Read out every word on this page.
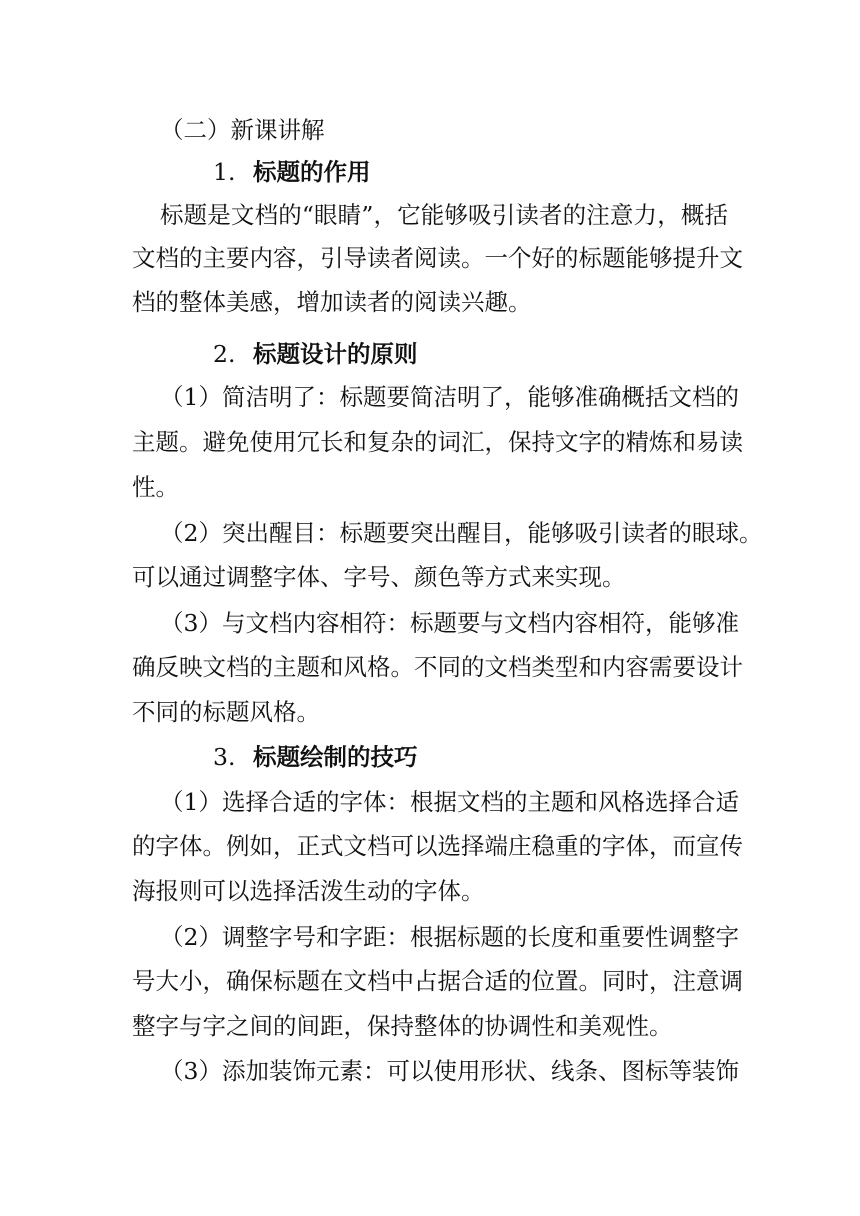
（二）新课讲解
1. 标题的作用
标题是文档的“眼睛”，它能够吸引读者的注意力，概括
文档的主要内容，引导读者阅读。一个好的标题能够提升文
档的整体美感，增加读者的阅读兴趣。
2. 标题设计的原则
（1）简洁明了：标题要简洁明了，能够准确概括文档的
主题。避免使用冗长和复杂的词汇，保持文字的精炼和易读
性。
（2）突出醒目：标题要突出醒目，能够吸引读者的眼球。
可以通过调整字体、字号、颜色等方式来实现。
（3）与文档内容相符：标题要与文档内容相符，能够准
确反映文档的主题和风格。不同的文档类型和内容需要设计
不同的标题风格。
3. 标题绘制的技巧
（1）选择合适的字体：根据文档的主题和风格选择合适
的字体。例如，正式文档可以选择端庄稳重的字体，而宣传
海报则可以选择活泼生动的字体。
（2）调整字号和字距：根据标题的长度和重要性调整字
号大小，确保标题在文档中占据合适的位置。同时，注意调
整字与字之间的间距，保持整体的协调性和美观性。
（3）添加装饰元素：可以使用形状、线条、图标等装饰
